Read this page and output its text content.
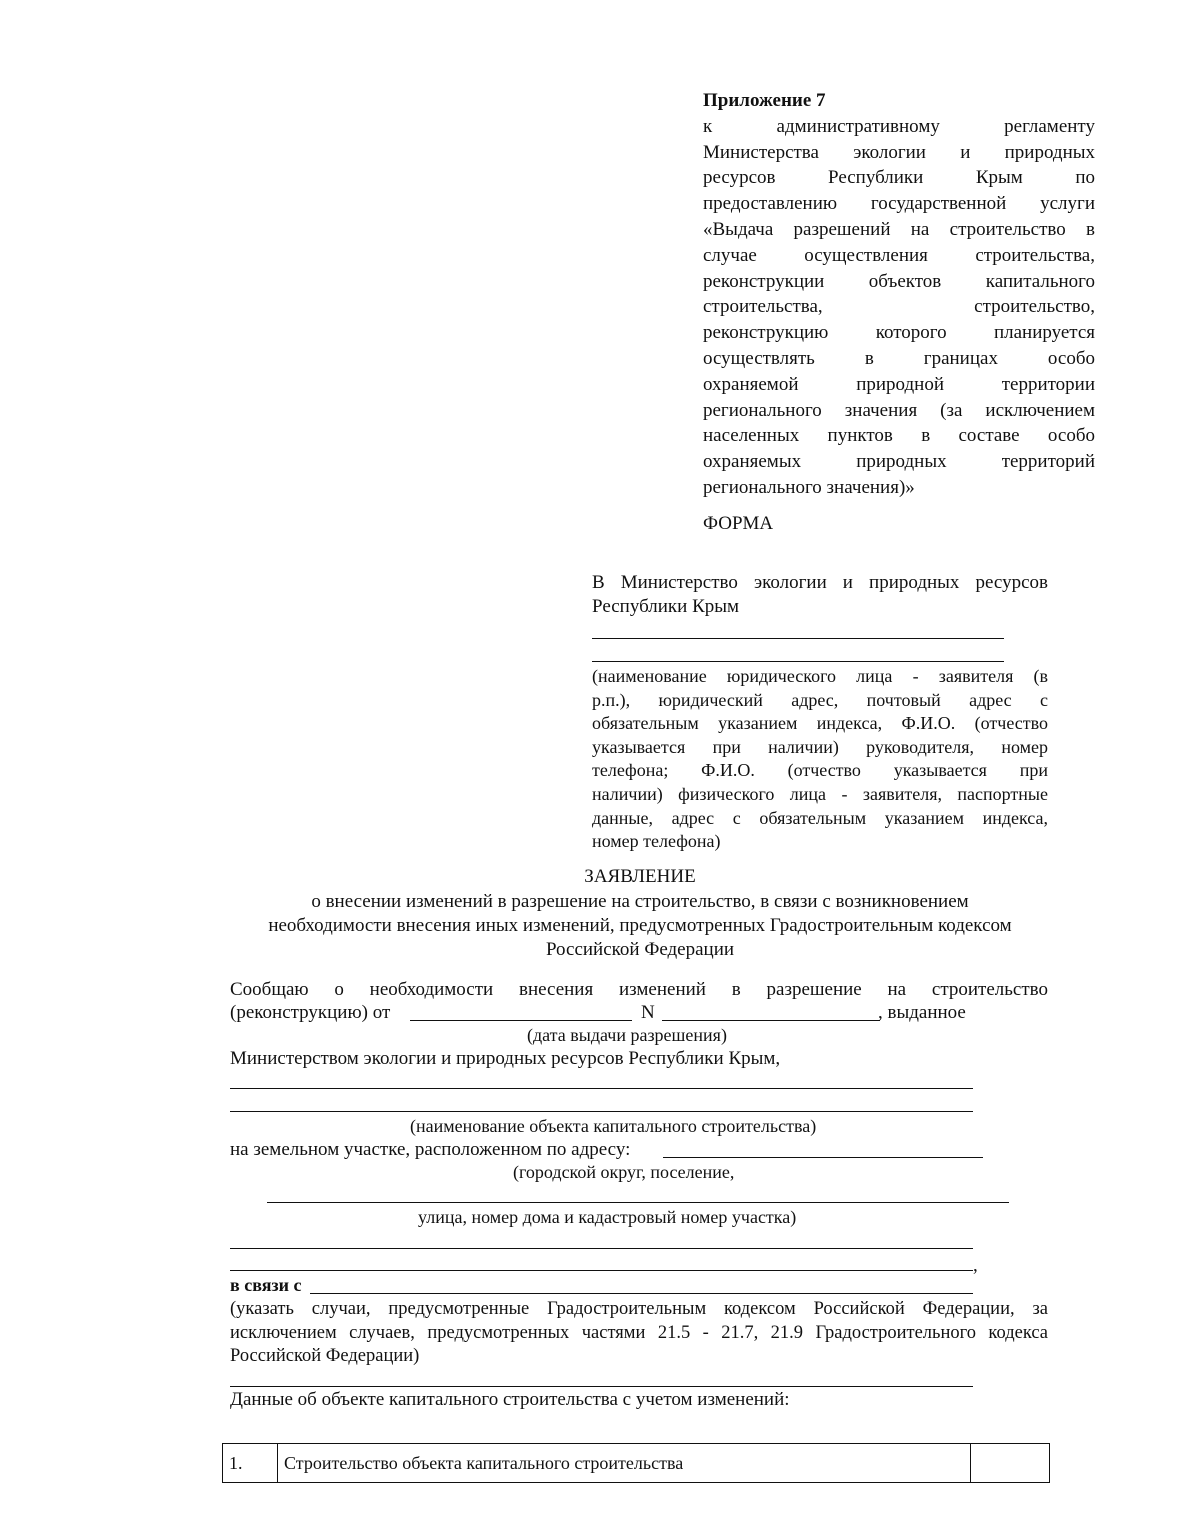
Приложение 7
к административному регламенту
Министерства экологии и природных
ресурсов Республики Крым по
предоставлению государственной услуги
«Выдача разрешений на строительство в
случае осуществления строительства,
реконструкции объектов капитального
строительства, строительство,
реконструкцию которого планируется
осуществлять в границах особо
охраняемой природной территории
регионального значения (за исключением
населенных пунктов в составе особо
охраняемых природных территорий
регионального значения)»
ФОРМА
В Министерство экологии и природных ресурсов
Республики Крым
(наименование юридического лица - заявителя (в
р.п.), юридический адрес, почтовый адрес с
обязательным указанием индекса, Ф.И.О. (отчество
указывается при наличии) руководителя, номер
телефона; Ф.И.О. (отчество указывается при
наличии) физического лица - заявителя, паспортные
данные, адрес с обязательным указанием индекса,
номер телефона)
ЗАЯВЛЕНИЕ
о внесении изменений в разрешение на строительство, в связи с возникновением
необходимости внесения иных изменений, предусмотренных Градостроительным кодексом
Российской Федерации
Сообщаю о необходимости внесения изменений в разрешение на строительство
(реконструкцию) от	N	, выданное
(дата выдачи разрешения)
Министерством экологии и природных ресурсов Республики Крым,
(наименование объекта капитального строительства)
на земельном участке, расположенном по адресу:
(городской округ, поселение,
улица, номер дома и кадастровый номер участка)
,
в связи с
(указать случаи, предусмотренные Градостроительным кодексом Российской Федерации, за
исключением случаев, предусмотренных частями 21.5 - 21.7, 21.9 Градостроительного кодекса
Российской Федерации)
Данные об объекте капитального строительства с учетом изменений:
1.	Строительство объекта капитального строительства	
